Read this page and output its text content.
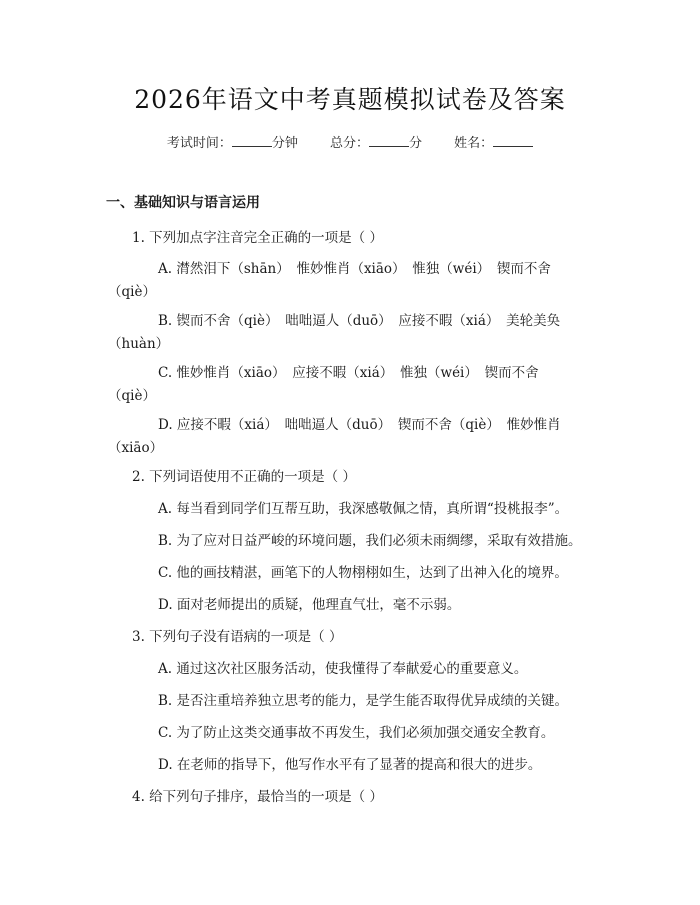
2026年语文中考真题模拟试卷及答案
考试时间：	分钟 总分：	分 姓名：
一、基础知识与语言运用
1. 下列加点字注音完全正确的一项是（ ）
A. 潸然泪下（shān）　惟妙惟肖（xiāo）　惟独（wéi）　锲而不舍
（qiè）
B. 锲而不舍（qiè）　咄咄逼人（duō）　应接不暇（xiá）　美轮美奂
（huàn）
C. 惟妙惟肖（xiāo）　应接不暇（xiá）　惟独（wéi）　锲而不舍
（qiè）
D. 应接不暇（xiá）　咄咄逼人（duō）　锲而不舍（qiè）　惟妙惟肖
（xiāo）
2. 下列词语使用不正确的一项是（ ）
A. 每当看到同学们互帮互助，我深感敬佩之情，真所谓“投桃报李”。
B. 为了应对日益严峻的环境问题，我们必须未雨绸缪，采取有效措施。
C. 他的画技精湛，画笔下的人物栩栩如生，达到了出神入化的境界。
D. 面对老师提出的质疑，他理直气壮，毫不示弱。
3. 下列句子没有语病的一项是（ ）
A. 通过这次社区服务活动，使我懂得了奉献爱心的重要意义。
B. 是否注重培养独立思考的能力，是学生能否取得优异成绩的关键。
C. 为了防止这类交通事故不再发生，我们必须加强交通安全教育。
D. 在老师的指导下，他写作水平有了显著的提高和很大的进步。
4. 给下列句子排序，最恰当的一项是（ ）
